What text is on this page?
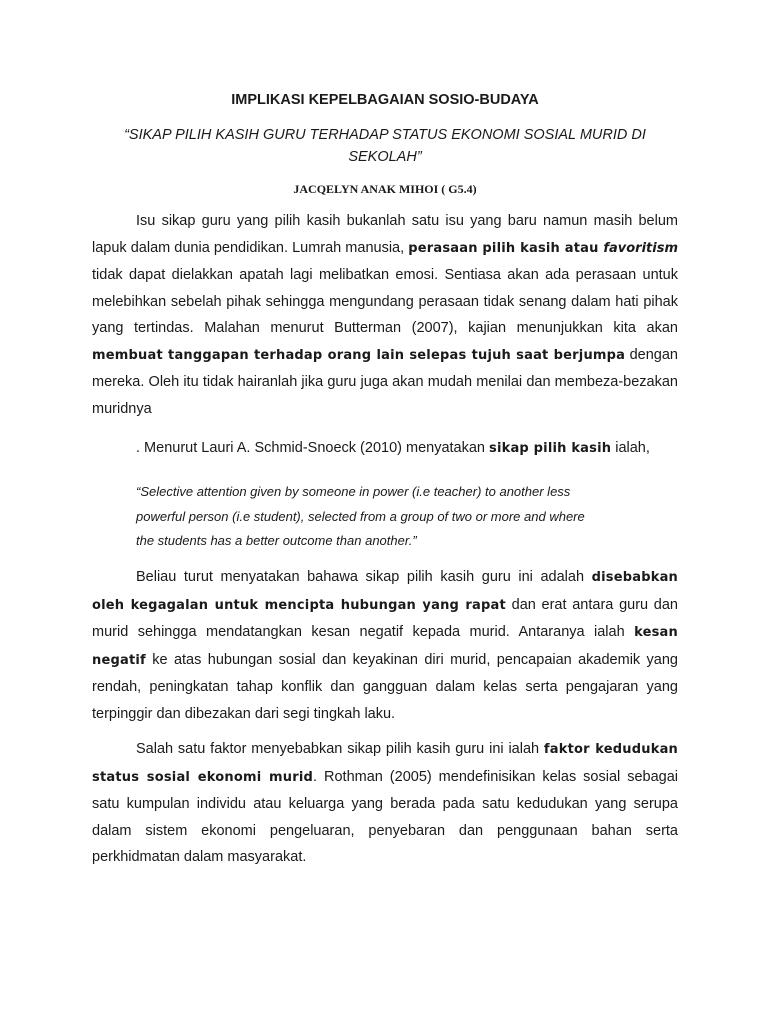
IMPLIKASI KEPELBAGAIAN SOSIO-BUDAYA

“SIKAP PILIH KASIH GURU TERHADAP STATUS EKONOMI SOSIAL MURID DI SEKOLAH”

JACQELYN ANAK MIHOI ( G5.4)

Isu sikap guru yang pilih kasih bukanlah satu isu yang baru namun masih belum lapuk dalam dunia pendidikan. Lumrah manusia, perasaan pilih kasih atau favoritism tidak dapat dielakkan apatah lagi melibatkan emosi. Sentiasa akan ada perasaan untuk melebihkan sebelah pihak sehingga mengundang perasaan tidak senang dalam hati pihak yang tertindas. Malahan menurut Butterman (2007), kajian menunjukkan kita akan membuat tanggapan terhadap orang lain selepas tujuh saat berjumpa dengan mereka. Oleh itu tidak hairanlah jika guru juga akan mudah menilai dan membeza-bezakan muridnya

. Menurut Lauri A. Schmid-Snoeck (2010) menyatakan sikap pilih kasih ialah,

“Selective attention given by someone in power (i.e teacher) to another less
powerful person (i.e student), selected from a group of two or more and where
the students has a better outcome than another.”

Beliau turut menyatakan bahawa sikap pilih kasih guru ini adalah disebabkan oleh kegagalan untuk mencipta hubungan yang rapat dan erat antara guru dan murid sehingga mendatangkan kesan negatif kepada murid. Antaranya ialah kesan negatif ke atas hubungan sosial dan keyakinan diri murid, pencapaian akademik yang rendah, peningkatan tahap konflik dan gangguan dalam kelas serta pengajaran yang terpinggir dan dibezakan dari segi tingkah laku.

Salah satu faktor menyebabkan sikap pilih kasih guru ini ialah faktor kedudukan status sosial ekonomi murid. Rothman (2005) mendefinisikan kelas sosial sebagai satu kumpulan individu atau keluarga yang berada pada satu kedudukan yang serupa dalam sistem ekonomi pengeluaran, penyebaran dan penggunaan bahan serta perkhidmatan dalam masyarakat.
